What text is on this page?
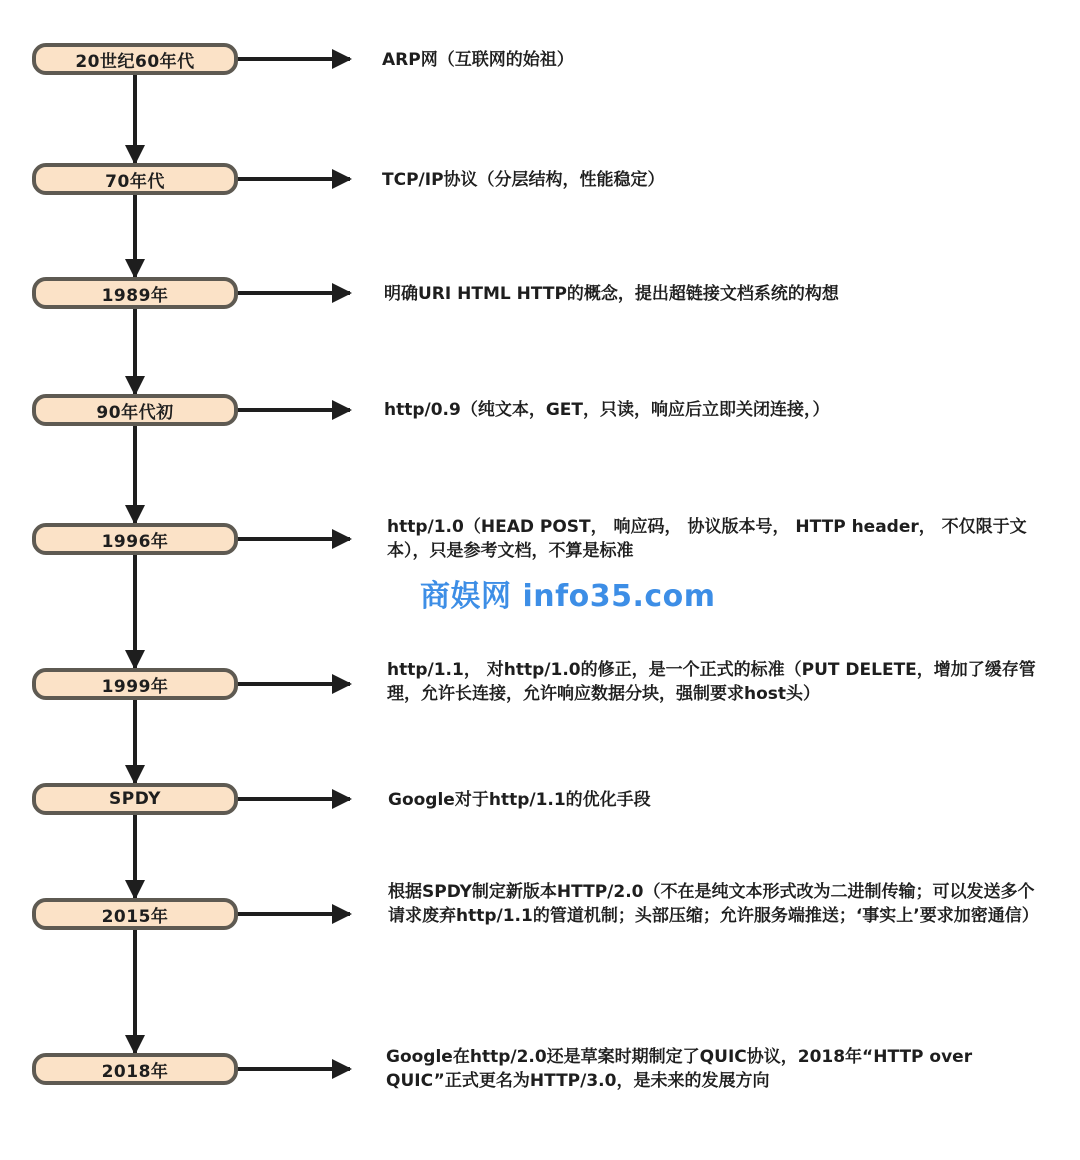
20世纪60年代
70年代
1989年
90年代初
1996年
1999年
SPDY
2015年
2018年
ARP网（互联网的始祖）
TCP/IP协议（分层结构，性能稳定）
明确URI HTML HTTP的概念，提出超链接文档系统的构想
http/0.9（纯文本，GET，只读，响应后立即关闭连接，）
http/1.0（HEAD POST， 响应码， 协议版本号， HTTP header， 不仅限于文本），只是参考文档，不算是标准
http/1.1， 对http/1.0的修正，是一个正式的标准（PUT DELETE，增加了缓存管理，允许长连接，允许响应数据分块，强制要求host头）
Google对于http/1.1的优化手段
根据SPDY制定新版本HTTP/2.0（不在是纯文本形式改为二进制传输；可以发送多个请求废弃http/1.1的管道机制；头部压缩；允许服务端推送；‘事实上’要求加密通信）
Google在http/2.0还是草案时期制定了QUIC协议，2018年“HTTP over QUIC”正式更名为HTTP/3.0，是未来的发展方向
商娱网 info35.com
